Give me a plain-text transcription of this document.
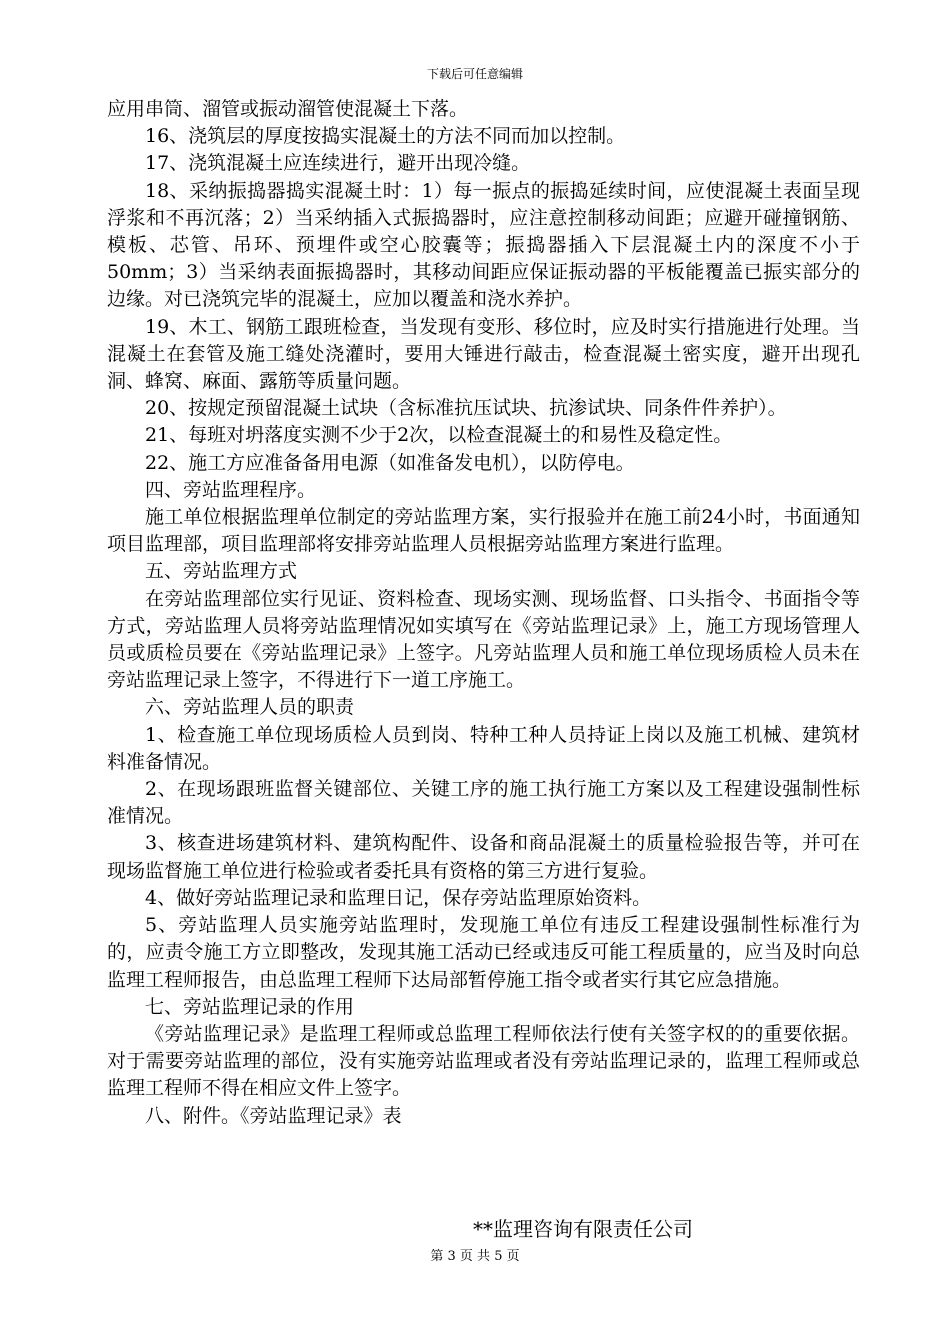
下载后可任意编辑

应用串筒、溜管或振动溜管使混凝土下落。

16、浇筑层的厚度按捣实混凝土的方法不同而加以控制。

17、浇筑混凝土应连续进行，避开出现冷缝。

18、采纳振捣器捣实混凝土时：1）每一振点的振捣延续时间，应使混凝土表面呈现浮浆和不再沉落；2）当采纳插入式振捣器时，应注意控制移动间距；应避开碰撞钢筋、模板、芯管、吊环、预埋件或空心胶囊等；振捣器插入下层混凝土内的深度不小于50mm；3）当采纳表面振捣器时，其移动间距应保证振动器的平板能覆盖已振实部分的边缘。对已浇筑完毕的混凝土，应加以覆盖和浇水养护。

19、木工、钢筋工跟班检查，当发现有变形、移位时，应及时实行措施进行处理。当混凝土在套管及施工缝处浇灌时，要用大锤进行敲击，检查混凝土密实度，避开出现孔洞、蜂窝、麻面、露筋等质量问题。

20、按规定预留混凝土试块（含标准抗压试块、抗渗试块、同条件件养护）。

21、每班对坍落度实测不少于2次，以检查混凝土的和易性及稳定性。

22、施工方应准备备用电源（如准备发电机），以防停电。

四、旁站监理程序。

施工单位根据监理单位制定的旁站监理方案，实行报验并在施工前24小时，书面通知项目监理部，项目监理部将安排旁站监理人员根据旁站监理方案进行监理。

五、旁站监理方式

在旁站监理部位实行见证、资料检查、现场实测、现场监督、口头指令、书面指令等方式，旁站监理人员将旁站监理情况如实填写在《旁站监理记录》上，施工方现场管理人员或质检员要在《旁站监理记录》上签字。凡旁站监理人员和施工单位现场质检人员未在旁站监理记录上签字，不得进行下一道工序施工。

六、旁站监理人员的职责

1、检查施工单位现场质检人员到岗、特种工种人员持证上岗以及施工机械、建筑材料准备情况。

2、在现场跟班监督关键部位、关键工序的施工执行施工方案以及工程建设强制性标准情况。

3、核查进场建筑材料、建筑构配件、设备和商品混凝土的质量检验报告等，并可在现场监督施工单位进行检验或者委托具有资格的第三方进行复验。

4、做好旁站监理记录和监理日记，保存旁站监理原始资料。

5、旁站监理人员实施旁站监理时，发现施工单位有违反工程建设强制性标准行为的，应责令施工方立即整改，发现其施工活动已经或违反可能工程质量的，应当及时向总监理工程师报告，由总监理工程师下达局部暂停施工指令或者实行其它应急措施。

七、旁站监理记录的作用

《旁站监理记录》是监理工程师或总监理工程师依法行使有关签字权的的重要依据。对于需要旁站监理的部位，没有实施旁站监理或者没有旁站监理记录的，监理工程师或总监理工程师不得在相应文件上签字。

八、附件。《旁站监理记录》表

**监理咨询有限责任公司
第 3 页 共 5 页
